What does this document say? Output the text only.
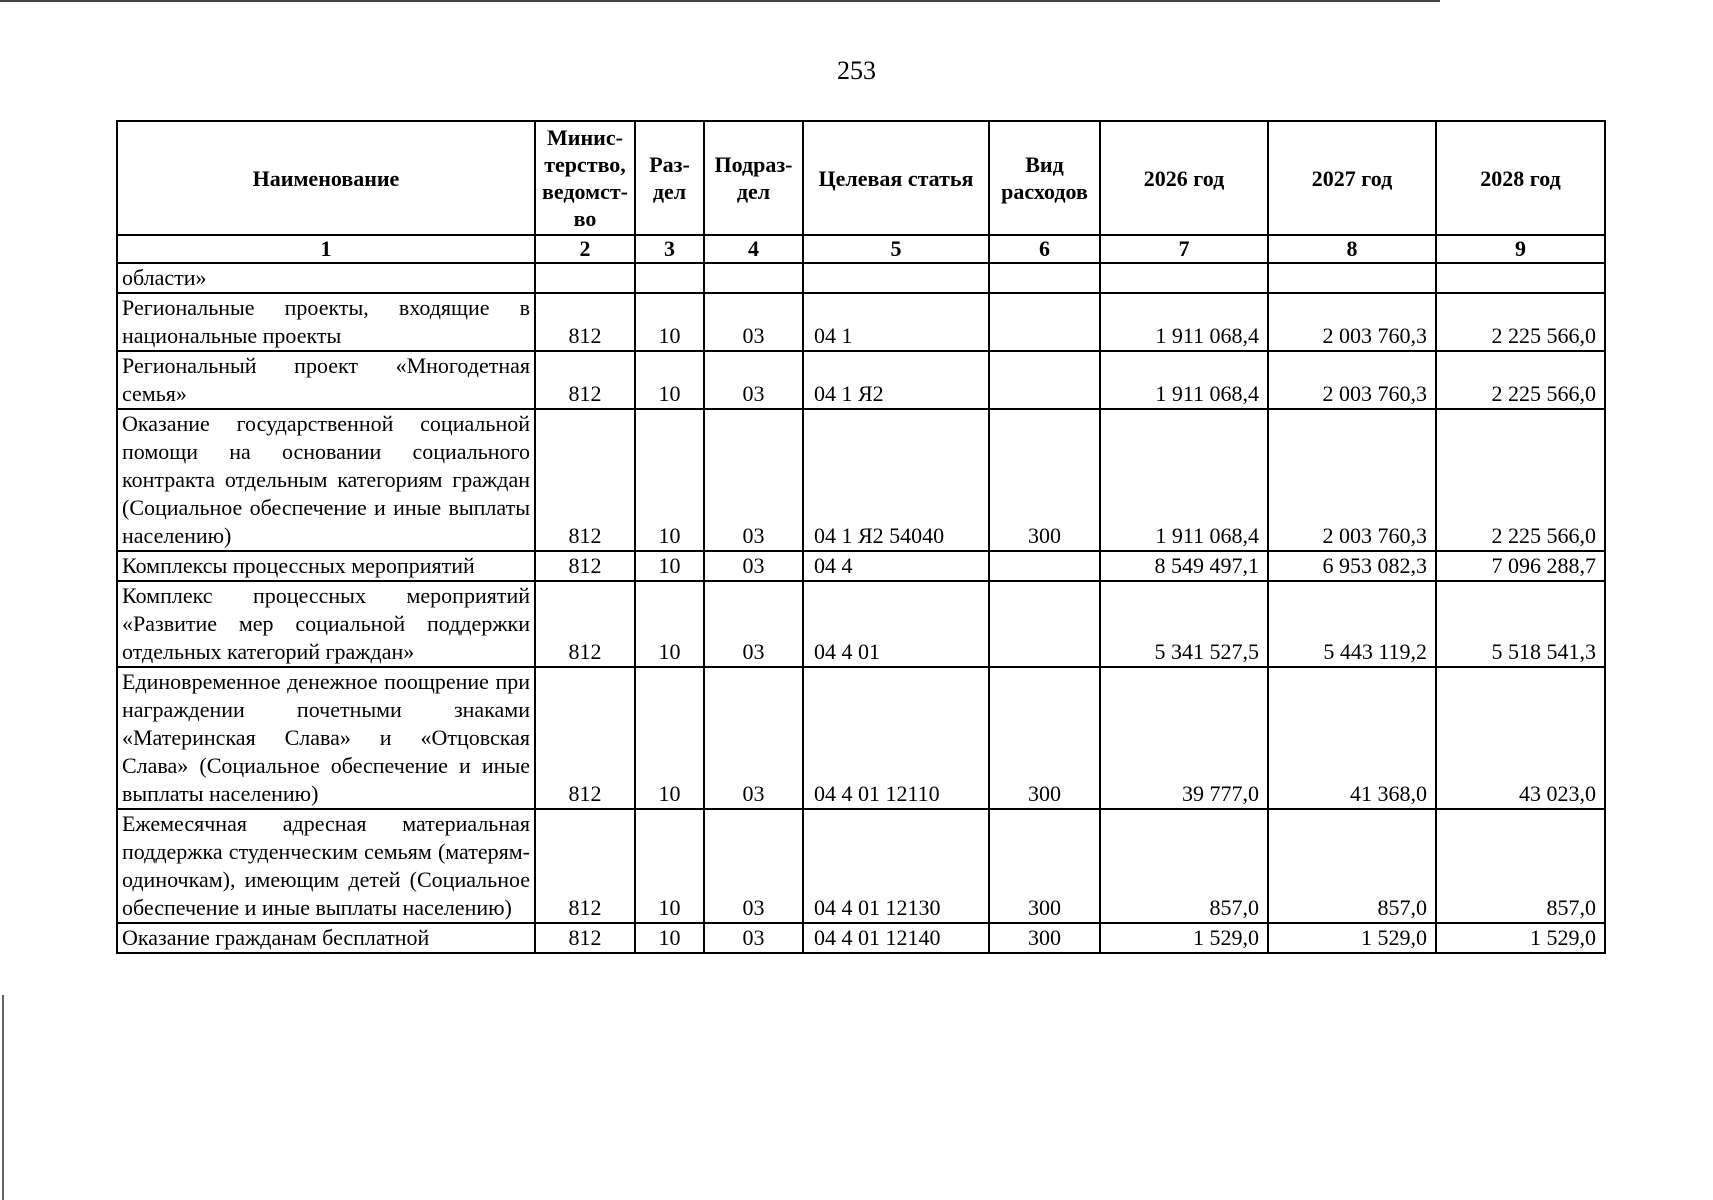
253
Наименование	Минис-терство, ведомст-во	Раз-дел	Подраз-дел	Целевая статья	Вид расходов	2026 год	2027 год	2028 год
1	2	3	4	5	6	7	8	9
области»								
Региональные проекты, входящие в национальные проекты	812	10	03	04 1		1 911 068,4	2 003 760,3	2 225 566,0
Региональный проект «Многодетная семья»	812	10	03	04 1 Я2		1 911 068,4	2 003 760,3	2 225 566,0
Оказание государственной социальной помощи на основании социального контракта отдельным категориям граждан (Социальное обеспечение и иные выплаты населению)	812	10	03	04 1 Я2 54040	300	1 911 068,4	2 003 760,3	2 225 566,0
Комплексы процессных мероприятий	812	10	03	04 4		8 549 497,1	6 953 082,3	7 096 288,7
Комплекс процессных мероприятий «Развитие мер социальной поддержки отдельных категорий граждан»	812	10	03	04 4 01		5 341 527,5	5 443 119,2	5 518 541,3
Единовременное денежное поощрение при награждении почетными знаками «Материнская Слава» и «Отцовская Слава» (Социальное обеспечение и иные выплаты населению)	812	10	03	04 4 01 12110	300	39 777,0	41 368,0	43 023,0
Ежемесячная адресная материальная поддержка студенческим семьям (матерям-одиночкам), имеющим детей (Социальное обеспечение и иные выплаты населению)	812	10	03	04 4 01 12130	300	857,0	857,0	857,0
Оказание гражданам бесплатной	812	10	03	04 4 01 12140	300	1 529,0	1 529,0	1 529,0
